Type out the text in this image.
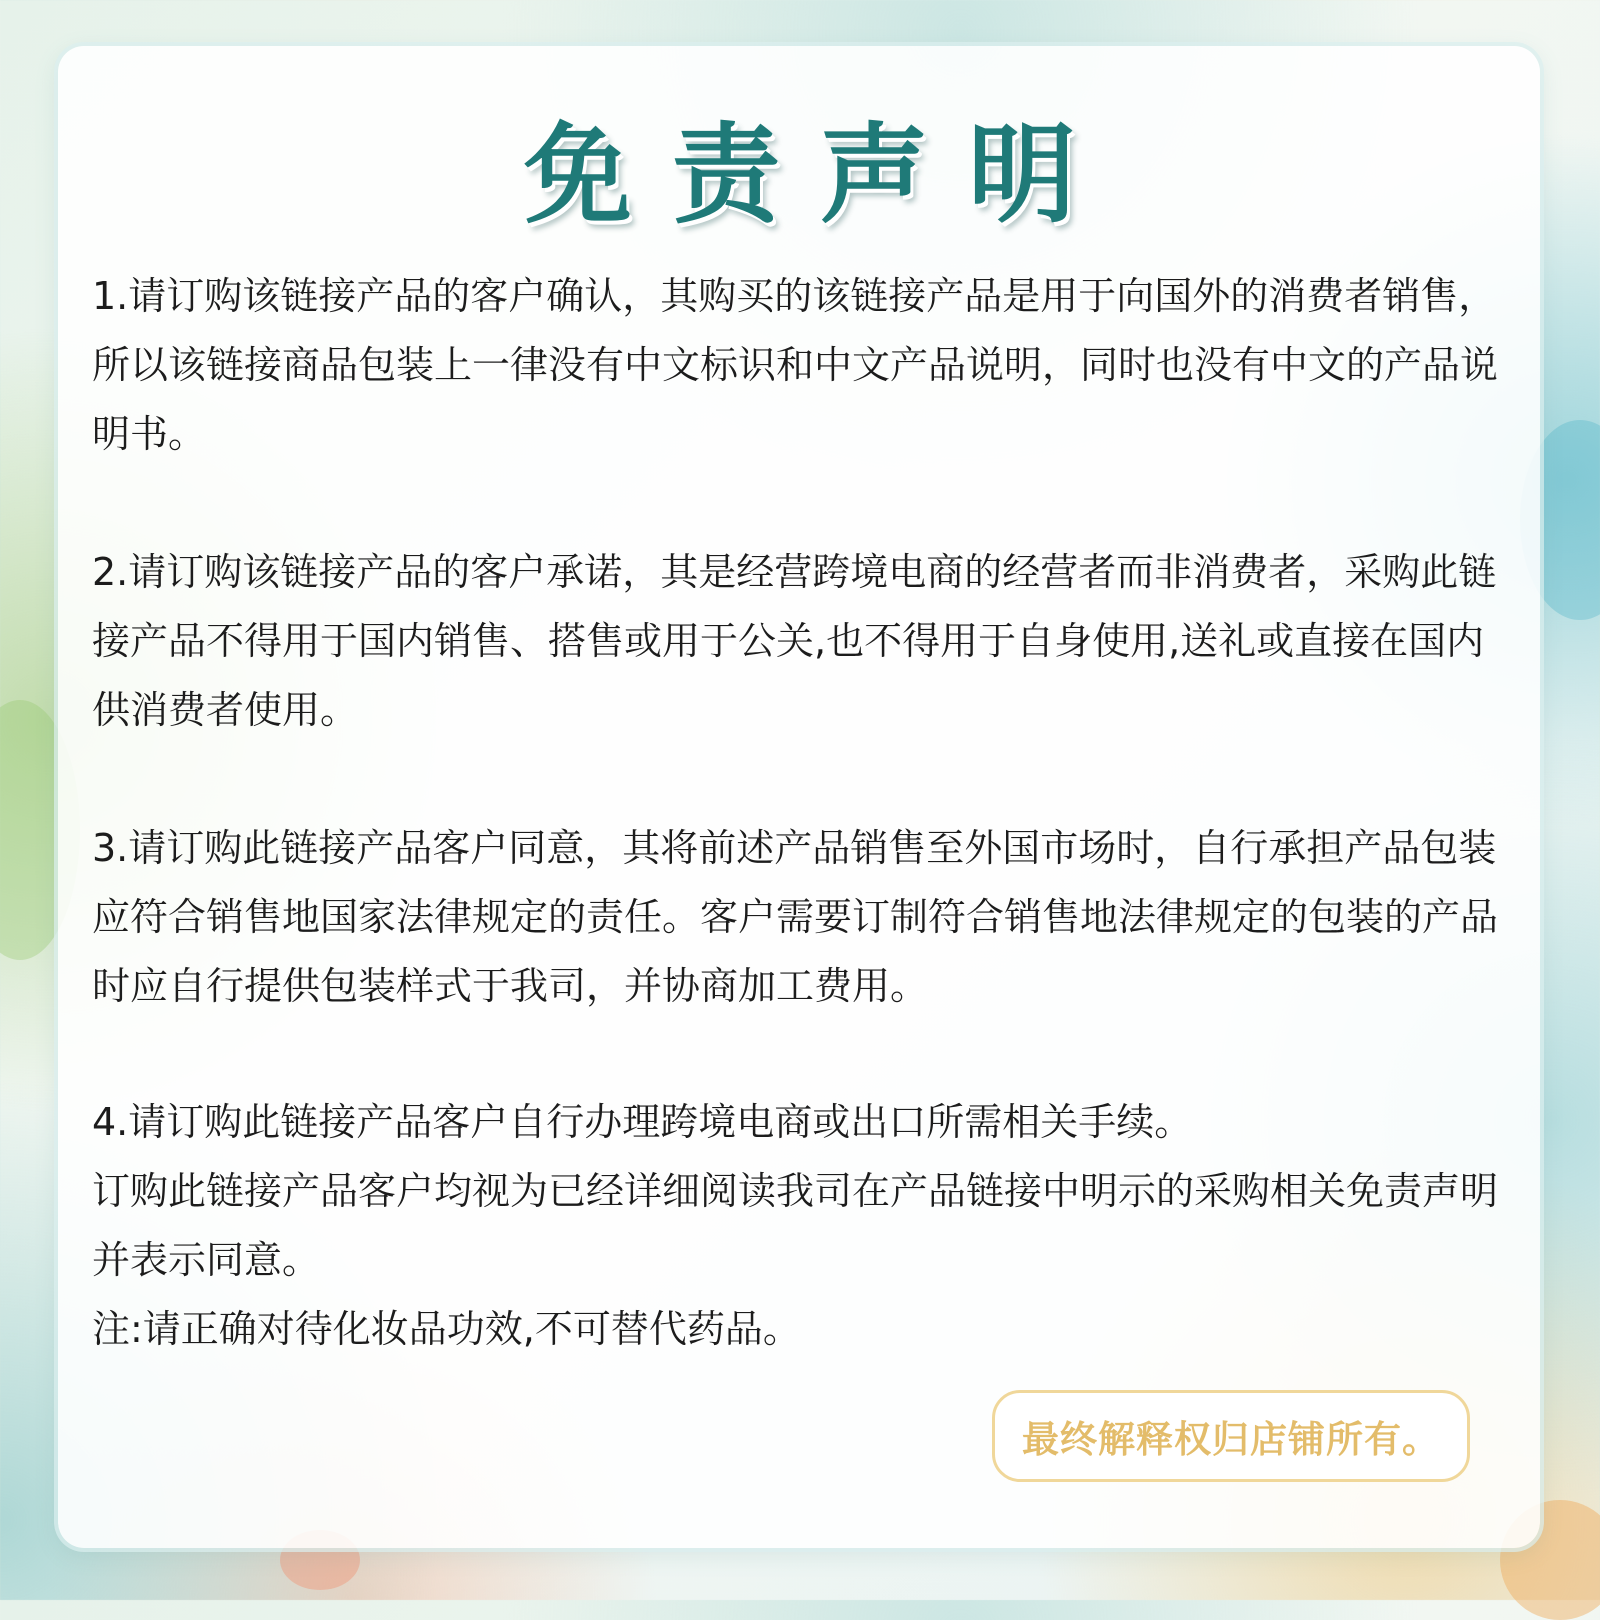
免责声明

1.请订购该链接产品的客户确认，其购买的该链接产品是用于向国外的消费者销售，所以该链接商品包装上一律没有中文标识和中文产品说明，同时也没有中文的产品说明书。

2.请订购该链接产品的客户承诺，其是经营跨境电商的经营者而非消费者，采购此链接产品不得用于国内销售、搭售或用于公关,也不得用于自身使用,送礼或直接在国内供消费者使用。

3.请订购此链接产品客户同意，其将前述产品销售至外国市场时，自行承担产品包装应符合销售地国家法律规定的责任。客户需要订制符合销售地法律规定的包装的产品时应自行提供包装样式于我司，并协商加工费用。

4.请订购此链接产品客户自行办理跨境电商或出口所需相关手续。

订购此链接产品客户均视为已经详细阅读我司在产品链接中明示的采购相关免责声明并表示同意。

注:请正确对待化妆品功效,不可替代药品。

最终解释权归店铺所有。
